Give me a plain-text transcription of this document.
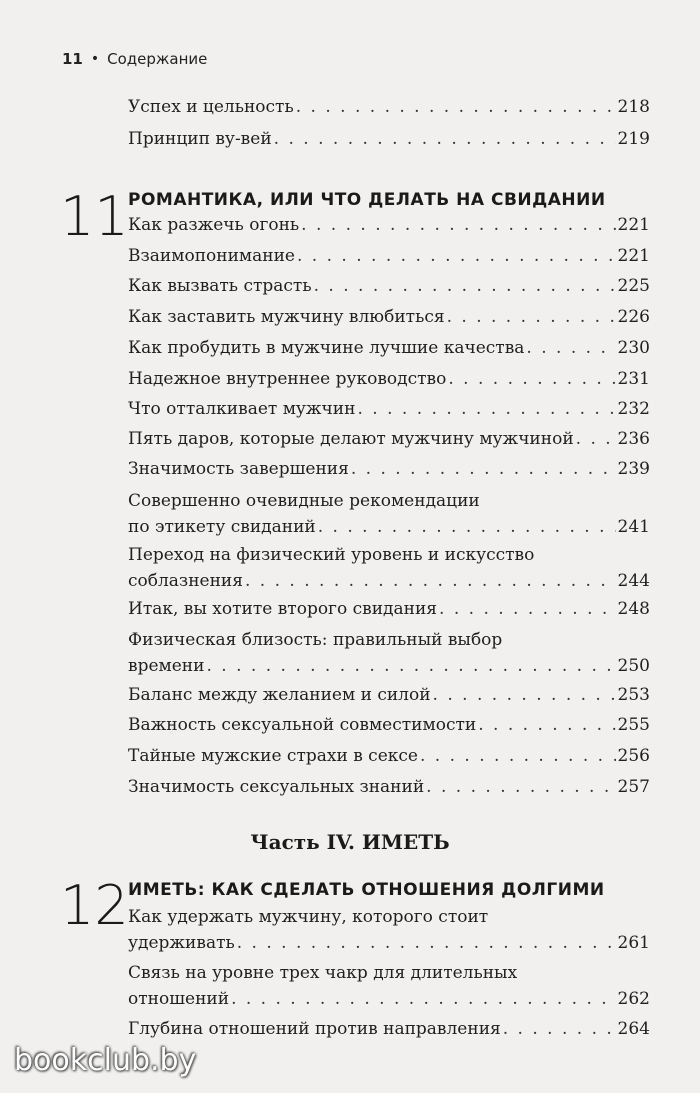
11 • Содержание
Успех и цельность . . .	218
Принцип ву-вей . . .	219
11 РОМАНТИКА, ИЛИ ЧТО ДЕЛАТЬ НА СВИДАНИИ
Как разжечь огонь . . .	221
Взаимопонимание . . .	221
Как вызвать страсть . . .	225
Как заставить мужчину влюбиться . . .	226
Как пробудить в мужчине лучшие качества . . .	230
Надежное внутреннее руководство . . .	231
Что отталкивает мужчин . . .	232
Пять даров, которые делают мужчину мужчиной . . .	236
Значимость завершения . . .	239
Совершенно очевидные рекомендации
по этикету свиданий . . .	241
Переход на физический уровень и искусство
соблазнения . . .	244
Итак, вы хотите второго свидания . . .	248
Физическая близость: правильный выбор
времени . . .	250
Баланс между желанием и силой . . .	253
Важность сексуальной совместимости . . .	255
Тайные мужские страхи в сексе . . .	256
Значимость сексуальных знаний . . .	257
Часть IV. ИМЕТЬ
12 ИМЕТЬ: КАК СДЕЛАТЬ ОТНОШЕНИЯ ДОЛГИМИ
Как удержать мужчину, которого стоит
удерживать . . .	261
Связь на уровне трех чакр для длительных
отношений . . .	262
Глубина отношений против направления . . .	264
bookclub.by
